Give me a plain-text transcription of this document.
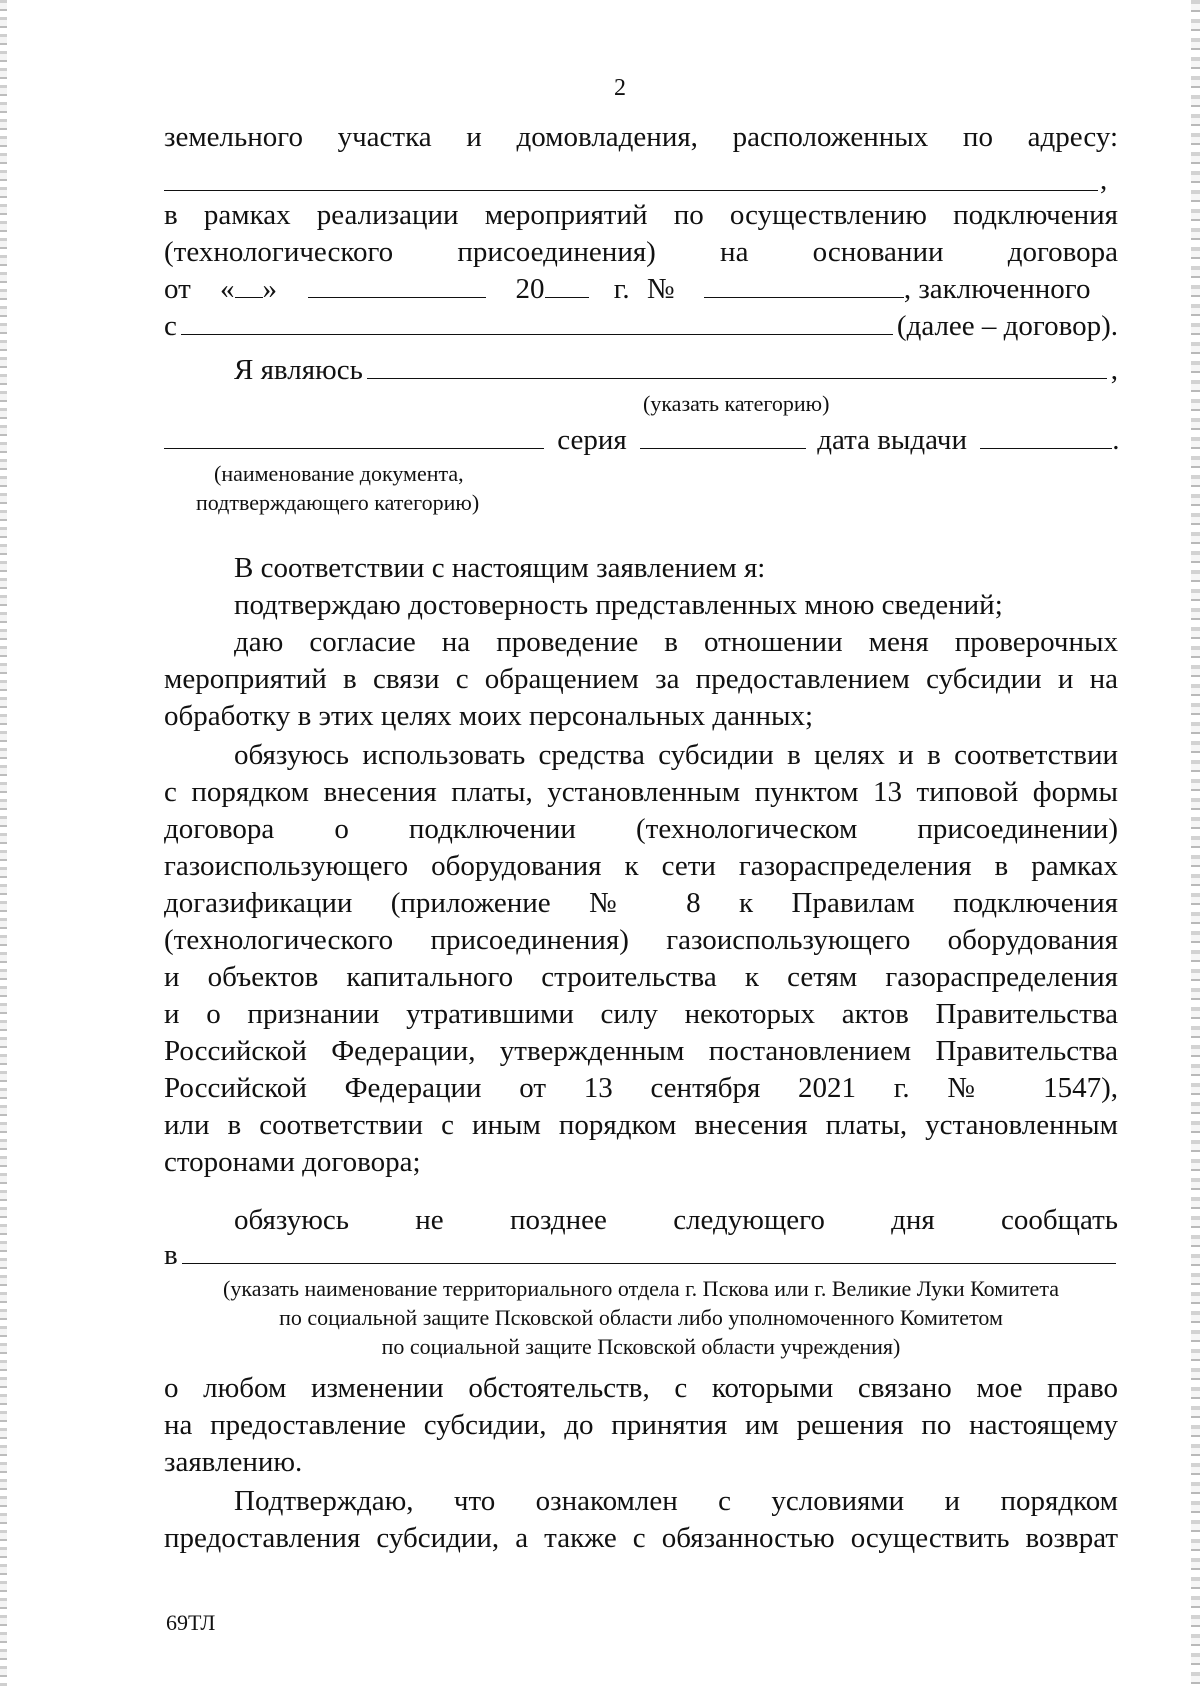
2
земельного участка и домовладения, расположенных по адресу:
,
в рамках реализации мероприятий по осуществлению подключения
(технологического присоединения) на основании договора
от « »	20 г. №	, заключенного
с	(далее – договор).
Я являюсь	,
(указать категорию)
серия	дата выдачи	.
(наименование документа,
подтверждающего категорию)
В соответствии с настоящим заявлением я:
подтверждаю достоверность представленных мною сведений;
даю согласие на проведение в отношении меня проверочных
мероприятий в связи с обращением за предоставлением субсидии и на
обработку в этих целях моих персональных данных;
обязуюсь использовать средства субсидии в целях и в соответствии
с порядком внесения платы, установленным пунктом 13 типовой формы
договора о подключении (технологическом присоединении)
газоиспользующего оборудования к сети газораспределения в рамках
догазификации (приложение № 8 к Правилам подключения
(технологического присоединения) газоиспользующего оборудования
и объектов капитального строительства к сетям газораспределения
и о признании утратившими силу некоторых актов Правительства
Российской Федерации, утвержденным постановлением Правительства
Российской Федерации от 13 сентября 2021 г. № 1547),
или в соответствии с иным порядком внесения платы, установленным
сторонами договора;
обязуюсь не позднее следующего дня сообщать
в
(указать наименование территориального отдела г. Пскова или г. Великие Луки Комитета
по социальной защите Псковской области либо уполномоченного Комитетом
по социальной защите Псковской области учреждения)
о любом изменении обстоятельств, с которыми связано мое право
на предоставление субсидии, до принятия им решения по настоящему
заявлению.
Подтверждаю, что ознакомлен с условиями и порядком
предоставления субсидии, а также с обязанностью осуществить возврат
69ТЛ
